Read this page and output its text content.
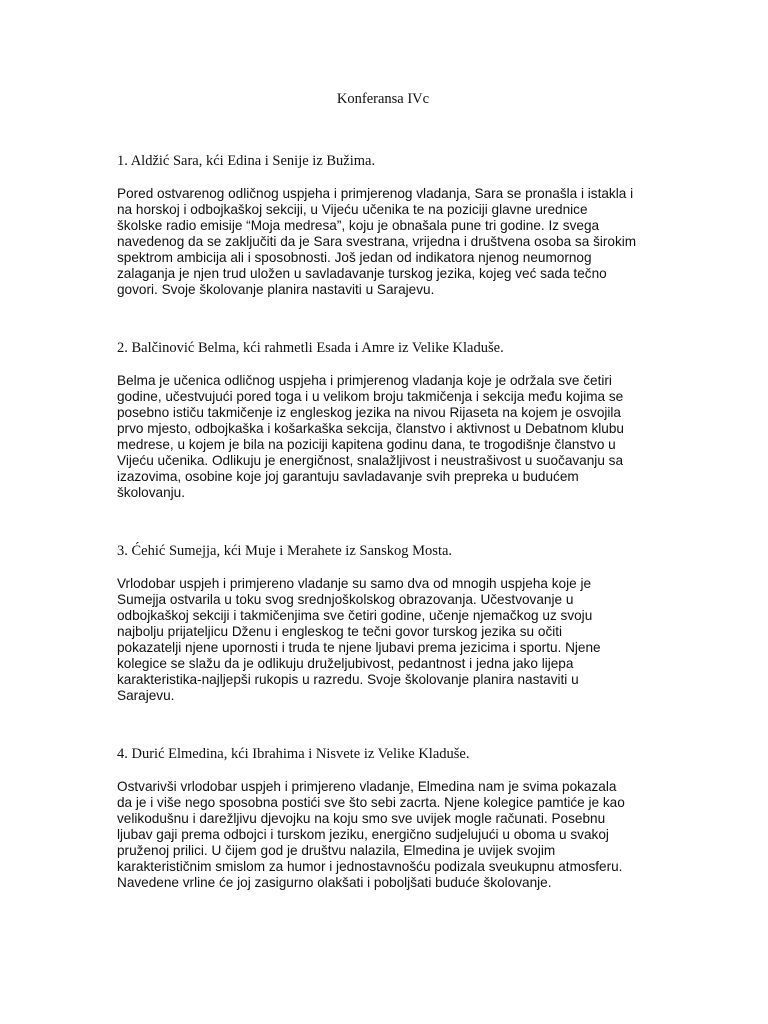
Konferansa IVc

1. Aldžić Sara, kći Edina i Senije iz Bužima.

Pored ostvarenog odličnog uspjeha i primjerenog vladanja, Sara se pronašla i istakla i
na horskoj i odbojkaškoj sekciji, u Vijeću učenika te na poziciji glavne urednice
školske radio emisije “Moja medresa”, koju je obnašala pune tri godine. Iz svega
navedenog da se zaključiti da je Sara svestrana, vrijedna i društvena osoba sa širokim
spektrom ambicija ali i sposobnosti. Još jedan od indikatora njenog neumornog
zalaganja je njen trud uložen u savladavanje turskog jezika, kojeg već sada tečno
govori. Svoje školovanje planira nastaviti u Sarajevu.

2. Balčinović Belma, kći rahmetli Esada i Amre iz Velike Kladuše.

Belma je učenica odličnog uspjeha i primjerenog vladanja koje je održala sve četiri
godine, učestvujući pored toga i u velikom broju takmičenja i sekcija među kojima se
posebno ističu takmičenje iz engleskog jezika na nivou Rijaseta na kojem je osvojila
prvo mjesto, odbojkaška i košarkaška sekcija, članstvo i aktivnost u Debatnom klubu
medrese, u kojem je bila na poziciji kapitena godinu dana, te trogodišnje članstvo u
Vijeću učenika. Odlikuju je energičnost, snalažljivost i neustrašivost u suočavanju sa
izazovima, osobine koje joj garantuju savladavanje svih prepreka u budućem
školovanju.

3. Ćehić Sumejja, kći Muje i Merahete iz Sanskog Mosta.

Vrlodobar uspjeh i primjereno vladanje su samo dva od mnogih uspjeha koje je
Sumejja ostvarila u toku svog srednjoškolskog obrazovanja. Učestvovanje u
odbojkaškoj sekciji i takmičenjima sve četiri godine, učenje njemačkog uz svoju
najbolju prijateljicu Dženu i engleskog te tečni govor turskog jezika su očiti
pokazatelji njene upornosti i truda te njene ljubavi prema jezicima i sportu. Njene
kolegice se slažu da je odlikuju druželjubivost, pedantnost i jedna jako lijepa
karakteristika-najljepši rukopis u razredu. Svoje školovanje planira nastaviti u
Sarajevu.

4. Durić Elmedina, kći Ibrahima i Nisvete iz Velike Kladuše.

Ostvarivši vrlodobar uspjeh i primjereno vladanje, Elmedina nam je svima pokazala
da je i više nego sposobna postići sve što sebi zacrta. Njene kolegice pamtiće je kao
velikodušnu i darežljivu djevojku na koju smo sve uvijek mogle računati. Posebnu
ljubav gaji prema odbojci i turskom jeziku, energično sudjelujući u oboma u svakoj
pruženoj prilici. U čijem god je društvu nalazila, Elmedina je uvijek svojim
karakterističnim smislom za humor i jednostavnošću podizala sveukupnu atmosferu.
Navedene vrline će joj zasigurno olakšati i poboljšati buduće školovanje.
